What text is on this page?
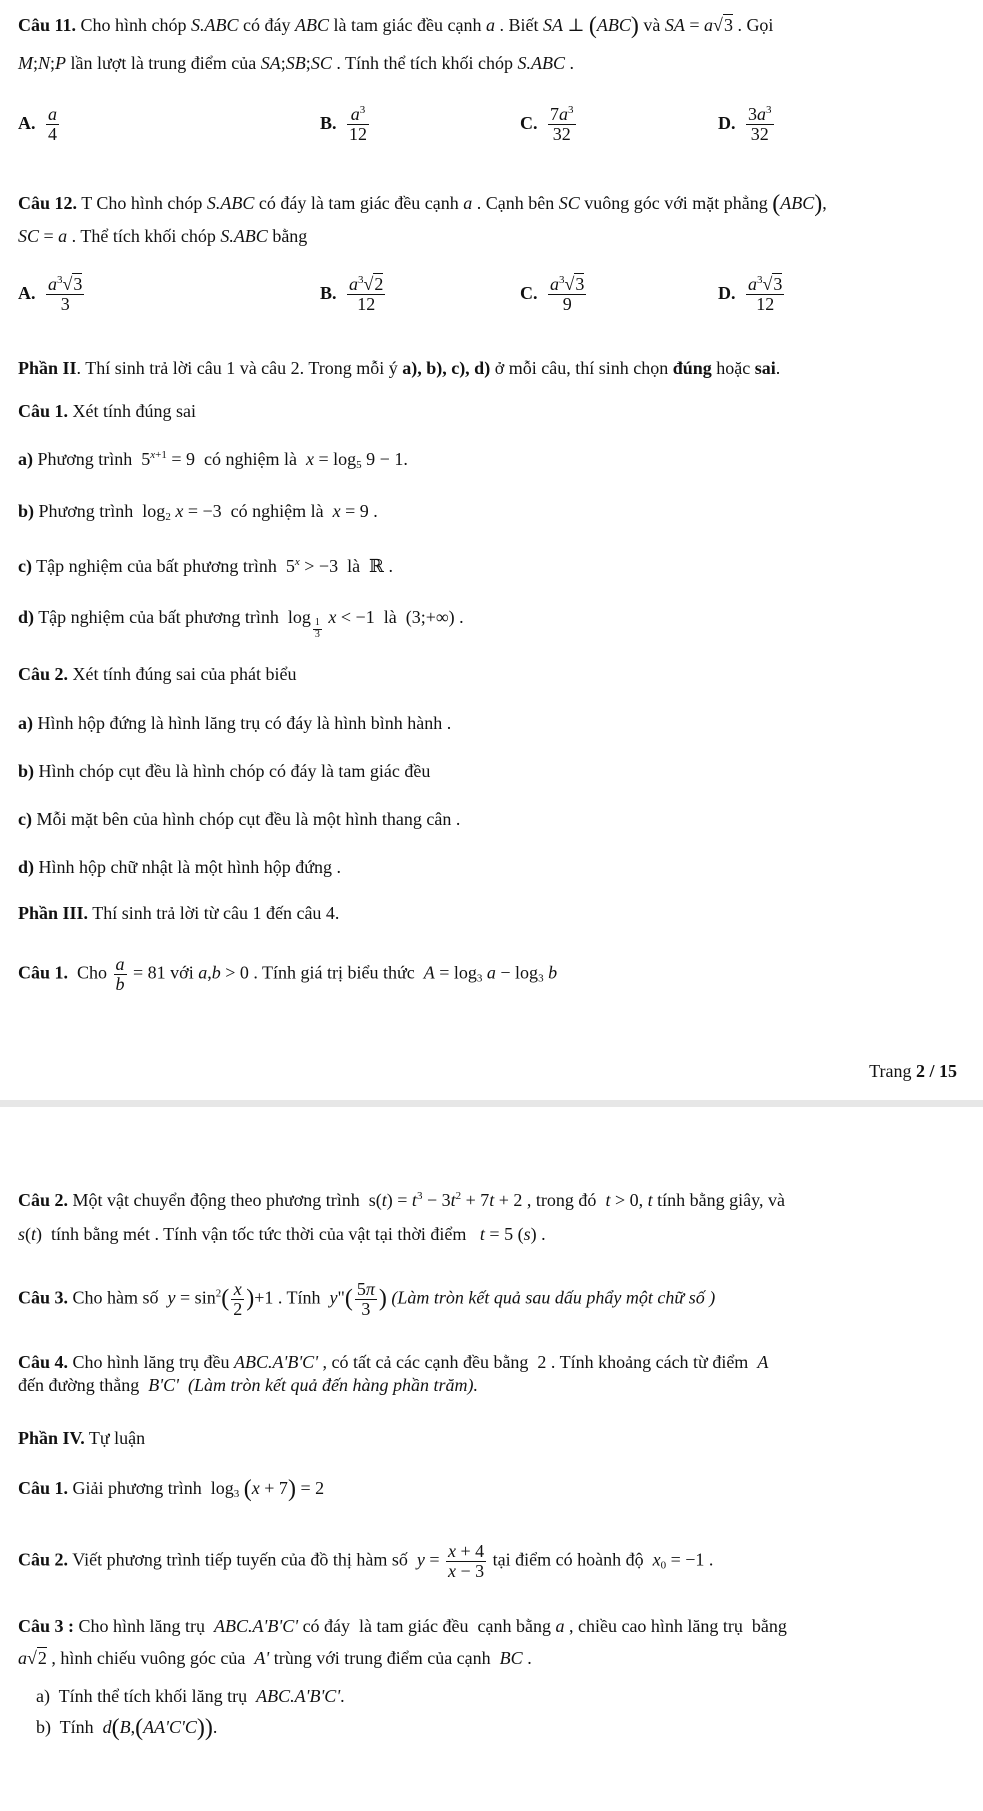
Câu 11. Cho hình chóp S.ABC có đáy ABC là tam giác đều cạnh a . Biết SA ⊥ (ABC) và SA = a√3 . Gọi
M;N;P lần lượt là trung điểm của SA;SB;SC . Tính thể tích khối chóp S.ABC .
A. $\frac{a}{4}$	B. $\frac{a^3}{12}$	C. $\frac{7a^3}{32}$	D. $\frac{3a^3}{32}$
Câu 12. T Cho hình chóp S.ABC có đáy là tam giác đều cạnh a . Cạnh bên SC vuông góc với mặt phẳng (ABC),
SC = a . Thể tích khối chóp S.ABC bằng
A. $\frac{a^3√3}{3}$	B. $\frac{a^3√2}{12}$	C. $\frac{a^3√3}{9}$	D. $\frac{a^3√3}{12}$
Phần II. Thí sinh trả lời câu 1 và câu 2. Trong mỗi ý a), b), c), d) ở mỗi câu, thí sinh chọn đúng hoặc sai.
Câu 1. Xét tính đúng sai
a) Phương trình  $5^{x+1} = 9$  có nghiệm là  $x = \log_5 9 - 1$.
b) Phương trình  $\log_2 x = -3$  có nghiệm là  x = 9 .
c) Tập nghiệm của bất phương trình  $5^x > -3$  là  ℝ .
d) Tập nghiệm của bất phương trình  log
$_{\frac{1}{3}}$
x < −1  là  (3;+∞) .
Câu 2. Xét tính đúng sai của phát biểu
a) Hình hộp đứng là hình lăng trụ có đáy là hình bình hành .
b) Hình chóp cụt đều là hình chóp có đáy là tam giác đều
c) Mỗi mặt bên của hình chóp cụt đều là một hình thang cân .
d) Hình hộp chữ nhật là một hình hộp đứng .
Phần III. Thí sinh trả lời từ câu 1 đến câu 4.
Câu 1.  Cho $\frac{a}{b} = 81$ với a,b > 0 . Tính giá trị biểu thức  $A = \log_3 a - \log_3 b$
Trang 2 / 15
Câu 2. Một vật chuyển động theo phương trình  $s(t) = t^3 - 3t^2 + 7t + 2$ , trong đó  t > 0, t tính bằng giây, và
s(t)  tính bằng mét . Tính vận tốc tức thời của vật tại thời điểm   t = 5 (s) .
Câu 3. Cho hàm số  $y = \sin^2( \frac{x}{2} )+1$ . Tính  y"( $\frac{5\pi}{3}$ ) (Làm tròn kết quả sau dấu phẩy một chữ số )
Câu 4. Cho hình lăng trụ đều ABC.A'B'C' , có tất cả các cạnh đều bằng  2 . Tính khoảng cách từ điểm  A
đến đường thẳng  B'C' (Làm tròn kết quả đến hàng phần trăm).
Phần IV. Tự luận
Câu 1. Giải phương trình  $\log_3 (x + 7) = 2$
Câu 2. Viết phương trình tiếp tuyến của đồ thị hàm số  $y = \frac{x + 4}{x - 3}$ tại điểm có hoành độ  $x_0 = -1$ .
Câu 3 : Cho hình lăng trụ  ABC.A'B'C' có đáy  là tam giác đều  cạnh bằng a , chiều cao hình lăng trụ  bằng
a√2 , hình chiếu vuông góc của  A' trùng với trung điểm của cạnh  BC .
a)  Tính thể tích khối lăng trụ  ABC.A'B'C'.
b)  Tính  d(B,(AA'C'C)).
